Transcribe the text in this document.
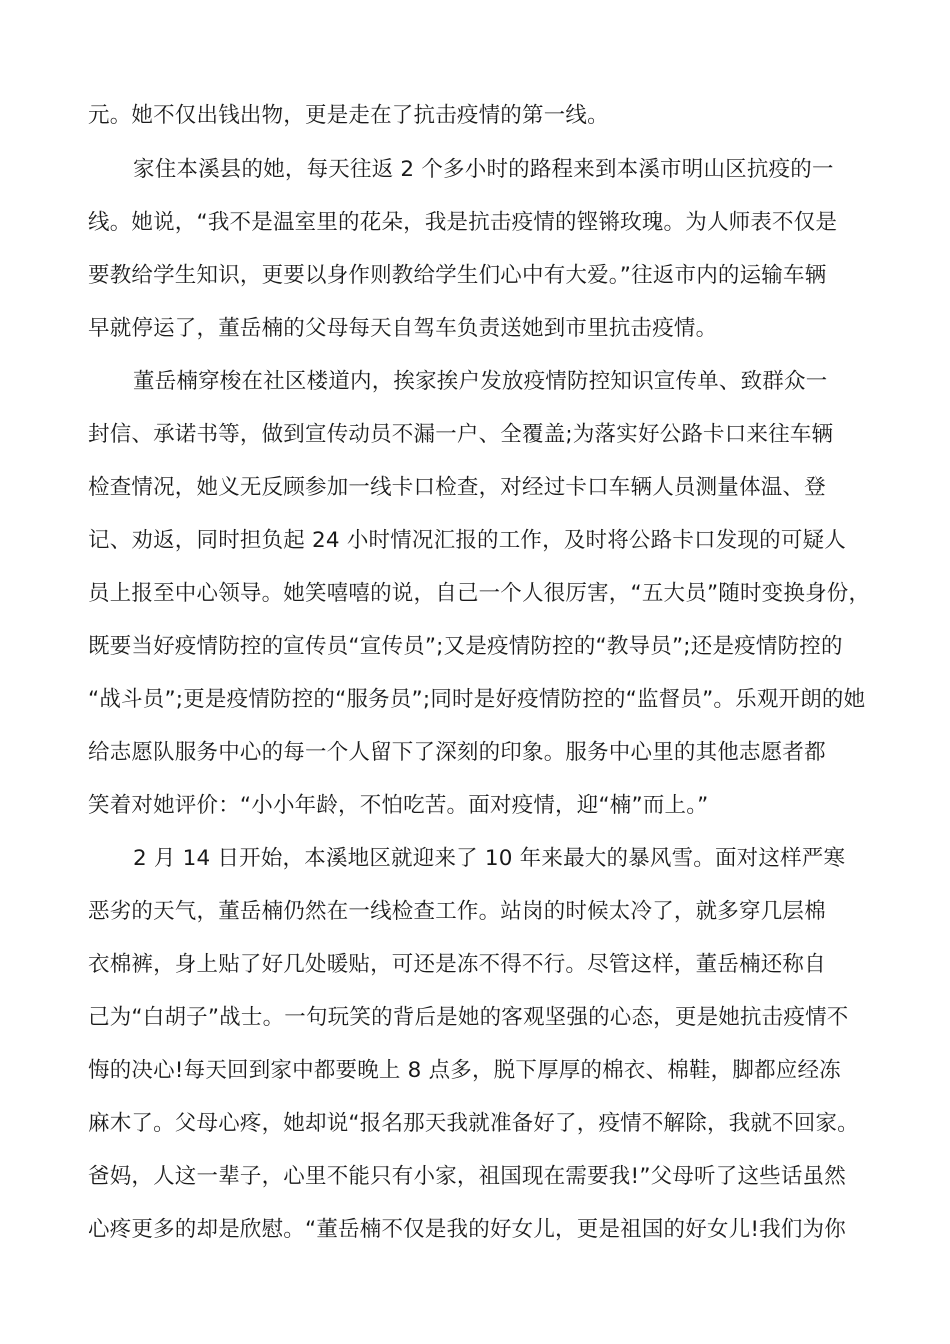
元。她不仅出钱出物，更是走在了抗击疫情的第一线。
家住本溪县的她，每天往返 2 个多小时的路程来到本溪市明山区抗疫的一
线。她说，“我不是温室里的花朵，我是抗击疫情的铿锵玫瑰。为人师表不仅是
要教给学生知识，更要以身作则教给学生们心中有大爱。”往返市内的运输车辆
早就停运了，董岳楠的父母每天自驾车负责送她到市里抗击疫情。
董岳楠穿梭在社区楼道内，挨家挨户发放疫情防控知识宣传单、致群众一
封信、承诺书等，做到宣传动员不漏一户、全覆盖;为落实好公路卡口来往车辆
检查情况，她义无反顾参加一线卡口检查，对经过卡口车辆人员测量体温、登
记、劝返，同时担负起 24 小时情况汇报的工作，及时将公路卡口发现的可疑人
员上报至中心领导。她笑嘻嘻的说，自己一个人很厉害，“五大员”随时变换身份，
既要当好疫情防控的宣传员“宣传员”;又是疫情防控的“教导员”;还是疫情防控的
“战斗员”;更是疫情防控的“服务员”;同时是好疫情防控的“监督员”。乐观开朗的她
给志愿队服务中心的每一个人留下了深刻的印象。服务中心里的其他志愿者都
笑着对她评价：“小小年龄，不怕吃苦。面对疫情，迎“楠”而上。”
2 月 14 日开始，本溪地区就迎来了 10 年来最大的暴风雪。面对这样严寒
恶劣的天气，董岳楠仍然在一线检查工作。站岗的时候太冷了，就多穿几层棉
衣棉裤，身上贴了好几处暖贴，可还是冻不得不行。尽管这样，董岳楠还称自
己为“白胡子”战士。一句玩笑的背后是她的客观坚强的心态，更是她抗击疫情不
悔的决心!每天回到家中都要晚上 8 点多，脱下厚厚的棉衣、棉鞋，脚都应经冻
麻木了。父母心疼，她却说“报名那天我就准备好了，疫情不解除，我就不回家。
爸妈，人这一辈子，心里不能只有小家，祖国现在需要我!”父母听了这些话虽然
心疼更多的却是欣慰。“董岳楠不仅是我的好女儿，更是祖国的好女儿!我们为你
